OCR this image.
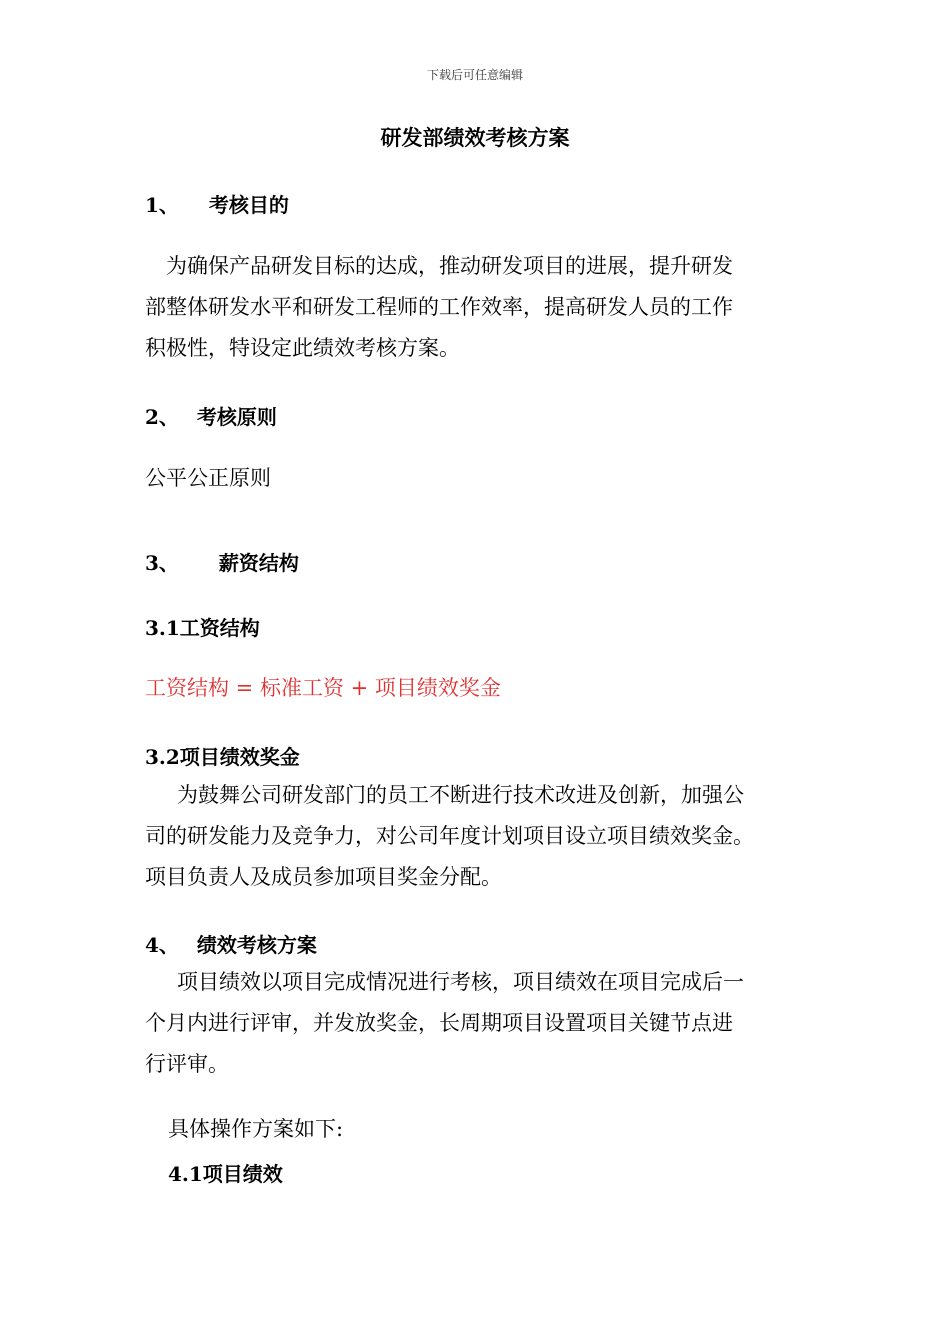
下载后可任意编辑
研发部绩效考核方案
1、 考核目的
为确保产品研发目标的达成，推动研发项目的进展，提升研发
部整体研发水平和研发工程师的工作效率，提高研发人员的工作
积极性，特设定此绩效考核方案。
2、 考核原则
公平公正原则
3、 薪资结构
3.1工资结构
工资结构 = 标准工资 + 项目绩效奖金
3.2项目绩效奖金
为鼓舞公司研发部门的员工不断进行技术改进及创新，加强公
司的研发能力及竞争力，对公司年度计划项目设立项目绩效奖金。
项目负责人及成员参加项目奖金分配。
4、 绩效考核方案
项目绩效以项目完成情况进行考核，项目绩效在项目完成后一
个月内进行评审，并发放奖金，长周期项目设置项目关键节点进
行评审。
具体操作方案如下:
4.1项目绩效
